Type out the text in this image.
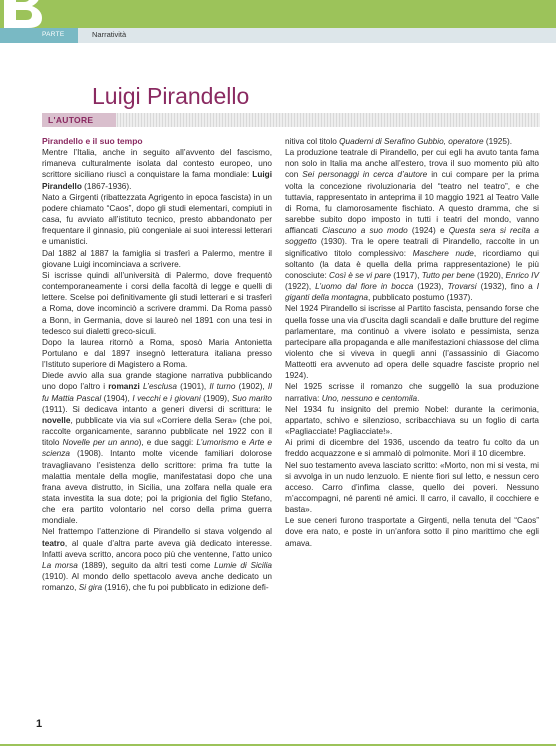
PARTE	Narratività
Luigi Pirandello
L'AUTORE

Pirandello e il suo tempo

Mentre l’Italia, anche in seguito all’avvento del fascismo, rimaneva culturalmente isolata dal contesto europeo, uno scrittore siciliano riuscì a conquistare la fama mondiale: Luigi Pirandello (1867-1936).

Nato a Girgenti (ribattezzata Agrigento in epoca fascista) in un podere chiamato “Caos”, dopo gli studi elementari, compiuti in casa, fu avviato all’istituto tecnico, presto abbandonato per frequentare il ginnasio, più congeniale ai suoi interessi letterari e umanistici.

Dal 1882 al 1887 la famiglia si trasferì a Palermo, mentre il giovane Luigi incominciava a scrivere.

Si iscrisse quindi all’università di Palermo, dove frequentò contemporaneamente i corsi della facoltà di legge e quelli di lettere. Scelse poi definitivamente gli studi letterari e si trasferì a Roma, dove incominciò a scrivere drammi. Da Roma passò a Bonn, in Germania, dove si laureò nel 1891 con una tesi in tedesco sui dialetti greco-siculi.

Dopo la laurea ritornò a Roma, sposò Maria Antonietta Portulano e dal 1897 insegnò letteratura italiana presso l’Istituto superiore di Magistero a Roma.

Diede avvio alla sua grande stagione narrativa pubblicando uno dopo l’altro i romanzi L’esclusa (1901), Il turno (1902), Il fu Mattia Pascal (1904), I vecchi e i giovani (1909), Suo marito (1911). Si dedicava intanto a generi diversi di scrittura: le novelle, pubblicate via via sul «Corriere della Sera» (che poi, raccolte organicamente, saranno pubblicate nel 1922 con il titolo Novelle per un anno), e due saggi: L’umorismo e Arte e scienza (1908). Intanto molte vicende familiari dolorose travagliavano l’esistenza dello scrittore: prima fra tutte la malattia mentale della moglie, manifestatasi dopo che una frana aveva distrutto, in Sicilia, una zolfara nella quale era stata investita la sua dote; poi la prigionia del figlio Stefano, che era partito volontario nel corso della prima guerra mondiale.

Nel frattempo l’attenzione di Pirandello si stava volgendo al teatro, al quale d’altra parte aveva già dedicato interesse. Infatti aveva scritto, ancora poco più che ventenne, l’atto unico La morsa (1889), seguito da altri testi come Lumie di Sicilia (1910). Al mondo dello spettacolo aveva anche dedicato un romanzo, Si gira (1916), che fu poi pubblicato in edizione defi-

nitiva col titolo Quaderni di Serafino Gubbio, operatore (1925).

La produzione teatrale di Pirandello, per cui egli ha avuto tanta fama non solo in Italia ma anche all’estero, trova il suo momento più alto con Sei personaggi in cerca d’autore in cui compare per la prima volta la concezione rivoluzionaria del “teatro nel teatro”, e che tuttavia, rappresentato in anteprima il 10 maggio 1921 al Teatro Valle di Roma, fu clamorosamente fischiato. A questo dramma, che si sarebbe subito dopo imposto in tutti i teatri del mondo, vanno affiancati Ciascuno a suo modo (1924) e Questa sera si recita a soggetto (1930). Tra le opere teatrali di Pirandello, raccolte in un significativo titolo complessivo: Maschere nude, ricordiamo qui soltanto (la data è quella della prima rappresentazione) le più conosciute: Così è se vi pare (1917), Tutto per bene (1920), Enrico IV (1922), L’uomo dal fiore in bocca (1923), Trovarsi (1932), fino a I giganti della montagna, pubblicato postumo (1937).

Nel 1924 Pirandello si iscrisse al Partito fascista, pensando forse che quella fosse una via d’uscita dagli scandali e dalle brutture del regime parlamentare, ma continuò a vivere isolato e pessimista, senza partecipare alla propaganda e alle manifestazioni chiassose del clima violento che si viveva in quegli anni (l’assassinio di Giacomo Matteotti era avvenuto ad opera delle squadre fasciste proprio nel 1924).

Nel 1925 scrisse il romanzo che suggellò la sua produzione narrativa: Uno, nessuno e centomila.

Nel 1934 fu insignito del premio Nobel: durante la cerimonia, appartato, schivo e silenzioso, scribacchiava su un foglio di carta «Pagliacciate! Pagliacciate!».

Ai primi di dicembre del 1936, uscendo da teatro fu colto da un freddo acquazzone e si ammalò di polmonite. Morì il 10 dicembre.

Nel suo testamento aveva lasciato scritto: «Morto, non mi si vesta, mi si avvolga in un nudo lenzuolo. E niente fiori sul letto, e nessun cero acceso. Carro d’infima classe, quello dei poveri. Nessuno m’accompagni, né parenti né amici. Il carro, il cavallo, il cocchiere e basta».

Le sue ceneri furono trasportate a Girgenti, nella tenuta del “Caos” dove era nato, e poste in un’anfora sotto il pino marittimo che egli amava.

1
